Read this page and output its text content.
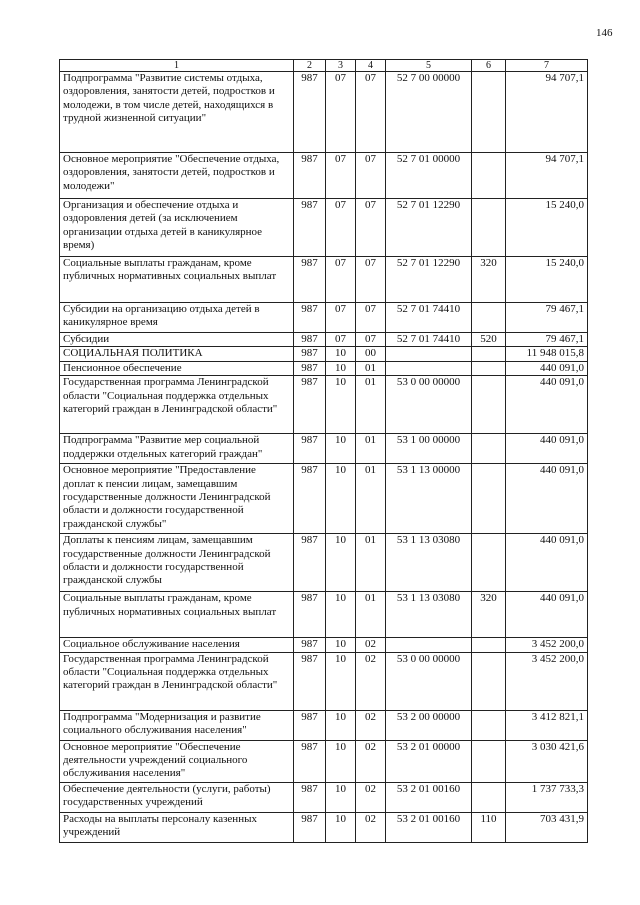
146
1	2	3	4	5	6	7
Подпрограмма "Развитие системы отдыха, оздоровления, занятости детей, подростков и молодежи, в том числе детей, находящихся в трудной жизненной ситуации"	987	07	07	52 7 00 00000		94 707,1
Основное мероприятие "Обеспечение отдыха, оздоровления, занятости детей, подростков и молодежи"	987	07	07	52 7 01 00000		94 707,1
Организация и обеспечение отдыха и оздоровления детей (за исключением организации отдыха детей в каникулярное время)	987	07	07	52 7 01 12290		15 240,0
Социальные выплаты гражданам, кроме публичных нормативных социальных выплат	987	07	07	52 7 01 12290	320	15 240,0
Субсидии на организацию отдыха детей в каникулярное время	987	07	07	52 7 01 74410		79 467,1
Субсидии	987	07	07	52 7 01 74410	520	79 467,1
СОЦИАЛЬНАЯ ПОЛИТИКА	987	10	00			11 948 015,8
Пенсионное обеспечение	987	10	01			440 091,0
Государственная программа Ленинградской области "Социальная поддержка отдельных категорий граждан в Ленинградской области"	987	10	01	53 0 00 00000		440 091,0
Подпрограмма "Развитие мер социальной поддержки отдельных категорий граждан"	987	10	01	53 1 00 00000		440 091,0
Основное мероприятие "Предоставление доплат к пенсии лицам, замещавшим государственные должности Ленинградской области и должности государственной гражданской службы"	987	10	01	53 1 13 00000		440 091,0
Доплаты к пенсиям лицам, замещавшим государственные должности Ленинградской области и должности государственной гражданской службы	987	10	01	53 1 13 03080		440 091,0
Социальные выплаты гражданам, кроме публичных нормативных социальных выплат	987	10	01	53 1 13 03080	320	440 091,0
Социальное обслуживание населения	987	10	02			3 452 200,0
Государственная программа Ленинградской области "Социальная поддержка отдельных категорий граждан в Ленинградской области"	987	10	02	53 0 00 00000		3 452 200,0
Подпрограмма "Модернизация и развитие социального обслуживания населения"	987	10	02	53 2 00 00000		3 412 821,1
Основное мероприятие "Обеспечение деятельности учреждений социального обслуживания населения"	987	10	02	53 2 01 00000		3 030 421,6
Обеспечение деятельности (услуги, работы) государственных учреждений	987	10	02	53 2 01 00160		1 737 733,3
Расходы на выплаты персоналу казенных учреждений	987	10	02	53 2 01 00160	110	703 431,9
